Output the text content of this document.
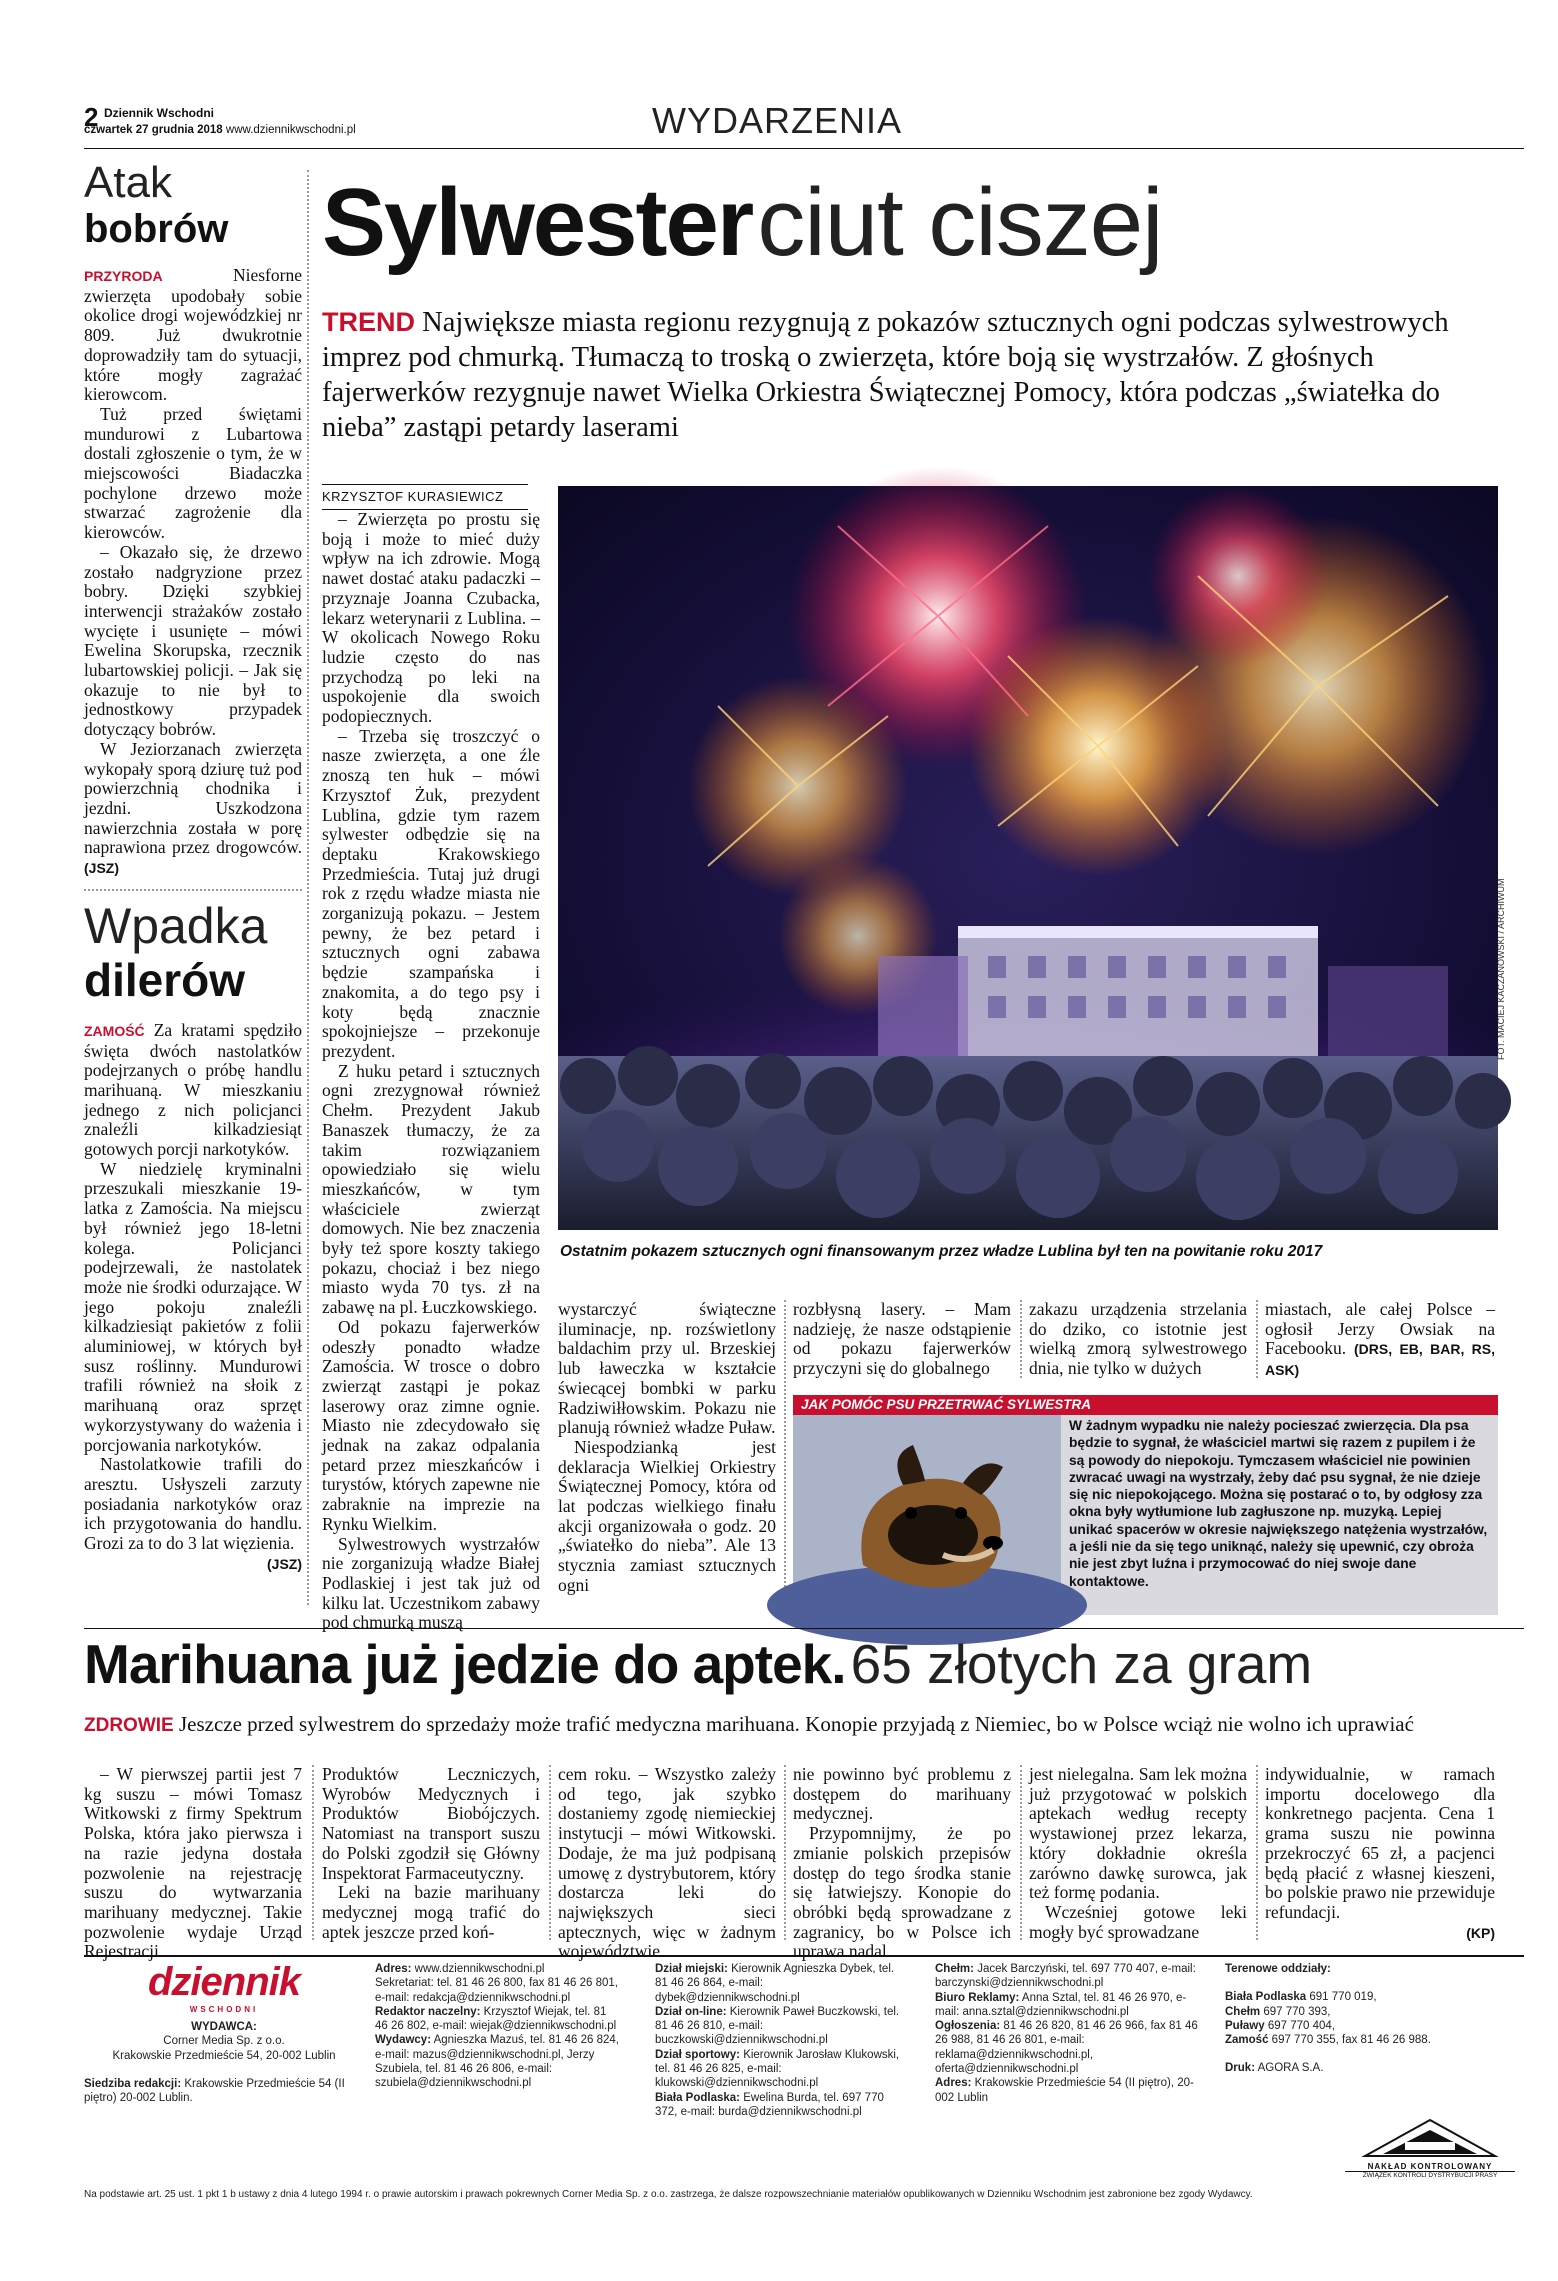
2 Dziennik Wschodni
czwartek 27 grudnia 2018 www.dziennikwschodni.pl	WYDARZENIA
Atak
bobrów

PRZYRODA	Niesforne zwierzęta upodobały sobie okolice drogi wojewódzkiej nr 809. Już dwukrotnie doprowadziły tam do sytuacji, które mogły zagrażać kierowcom.

Tuż przed świętami mundurowi z Lubartowa dostali zgłoszenie o tym, że w miejscowości Biadaczka pochylone drzewo może stwarzać zagrożenie dla kierowców.

– Okazało się, że drzewo zostało nadgryzione przez bobry. Dzięki szybkiej interwencji strażaków zostało wycięte i usunięte – mówi Ewelina Skorupska, rzecznik lubartowskiej policji. – Jak się okazuje to nie był to jednostkowy przypadek dotyczący bobrów.

W Jeziorzanach zwierzęta wykopały sporą dziurę tuż pod powierzchnią chodnika i jezdni. Uszkodzona nawierzchnia została w porę naprawiona przez drogowców. (JSZ)

Wpadka
dilerów

ZAMOŚĆ Za kratami spędziło święta dwóch nastolatków podejrzanych o próbę handlu marihuaną. W mieszkaniu jednego z nich policjanci znaleźli kilkadziesiąt gotowych porcji narkotyków.

W niedzielę kryminalni przeszukali mieszkanie 19-latka z Zamościa. Na miejscu był również jego 18-letni kolega. Policjanci podejrzewali, że nastolatek może nie środki odurzające. W jego pokoju znaleźli kilkadziesiąt pakietów z folii aluminiowej, w których był susz roślinny. Mundurowi trafili również na słoik z marihuaną oraz sprzęt wykorzystywany do ważenia i porcjowania narkotyków.

Nastolatkowie trafili do aresztu. Usłyszeli zarzuty posiadania narkotyków oraz ich przygotowania do handlu. Grozi za to do 3 lat więzienia.

(JSZ)

Sylwester ciut ciszej
TREND Największe miasta regionu rezygnują z pokazów sztucznych ogni podczas sylwestrowych imprez pod chmurką. Tłumaczą to troską o zwierzęta, które boją się wystrzałów. Z głośnych fajerwerków rezygnuje nawet Wielka Orkiestra Świątecznej Pomocy, która podczas „światełka do nieba” zastąpi petardy laserami
KRZYSZTOF KURASIEWICZ

– Zwierzęta po prostu się boją i może to mieć duży wpływ na ich zdrowie. Mogą nawet dostać ataku padaczki – przyznaje Joanna Czubacka, lekarz weterynarii z Lublina. – W okolicach Nowego Roku ludzie często do nas przychodzą po leki na uspokojenie dla swoich podopiecznych.

– Trzeba się troszczyć o nasze zwierzęta, a one źle znoszą ten huk – mówi Krzysztof Żuk, prezydent Lublina, gdzie tym razem sylwester odbędzie się na deptaku Krakowskiego Przedmieścia. Tutaj już drugi rok z rzędu władze miasta nie zorganizują pokazu. – Jestem pewny, że bez petard i sztucznych ogni zabawa będzie szampańska i znakomita, a do tego psy i koty będą znacznie spokojniejsze – przekonuje prezydent.

Z huku petard i sztucznych ogni zrezygnował również Chełm. Prezydent Jakub Banaszek tłumaczy, że za takim rozwiązaniem opowiedziało się wielu mieszkańców, w tym właściciele zwierząt domowych. Nie bez znaczenia były też spore koszty takiego pokazu, chociaż i bez niego miasto wyda 70 tys. zł na zabawę na pl. Łuczkowskiego.

Od pokazu fajerwerków odeszły ponadto władze Zamościa. W trosce o dobro zwierząt zastąpi je pokaz laserowy oraz zimne ognie. Miasto nie zdecydowało się jednak na zakaz odpalania petard przez mieszkańców i turystów, których zapewne nie zabraknie na imprezie na Rynku Wielkim.

Sylwestrowych wystrzałów nie zorganizują władze Białej Podlaskiej i jest tak już od kilku lat. Uczestnikom zabawy pod chmurką muszą

FOT. MACIEJ KACZANOWSKI / ARCHIWUM
Ostatnim pokazem sztucznych ogni finansowanym przez władze Lublina był ten na powitanie roku 2017

wystarczyć świąteczne iluminacje, np. rozświetlony baldachim przy ul. Brzeskiej lub ławeczka w kształcie świecącej bombki w parku Radziwiłłowskim. Pokazu nie planują również władze Puław.

Niespodzianką jest deklaracja Wielkiej Orkiestry Świątecznej Pomocy, która od lat podczas wielkiego finału akcji organizowała o godz. 20 „światełko do nieba”. Ale 13 stycznia zamiast sztucznych ogni

rozbłysną lasery. – Mam nadzieję, że nasze odstąpienie od pokazu fajerwerków przyczyni się do globalnego

zakazu urządzenia strzelania do dziko, co istotnie jest wielką zmorą sylwestrowego dnia, nie tylko w dużych

miastach, ale całej Polsce – ogłosił Jerzy Owsiak na Facebooku. (DRS, EB, BAR, RS, ASK)

JAK POMÓC PSU PRZETRWAĆ SYLWESTRA
W żadnym wypadku nie należy pocieszać zwierzęcia. Dla psa będzie to sygnał, że właściciel martwi się razem z pupilem i że są powody do niepokoju. Tymczasem właściciel nie powinien zwracać uwagi na wystrzały, żeby dać psu sygnał, że nie dzieje się nic niepokojącego. Można się postarać o to, by odgłosy zza okna były wytłumione lub zagłuszone np. muzyką. Lepiej unikać spacerów w okresie największego natężenia wystrzałów, a jeśli nie da się tego uniknąć, należy się upewnić, czy obroża nie jest zbyt luźna i przymocować do niej swoje dane kontaktowe.
Marihuana już jedzie do aptek. 65 złotych za gram
ZDROWIE Jeszcze przed sylwestrem do sprzedaży może trafić medyczna marihuana. Konopie przyjadą z Niemiec, bo w Polsce wciąż nie wolno ich uprawiać

– W pierwszej partii jest 7 kg suszu – mówi Tomasz Witkowski z firmy Spektrum Polska, która jako pierwsza i na razie jedyna dostała pozwolenie na rejestrację suszu do wytwarzania marihuany medycznej. Takie pozwolenie wydaje Urząd Rejestracji

Produktów Leczniczych, Wyrobów Medycznych i Produktów Biobójczych. Natomiast na transport suszu do Polski zgodził się Główny Inspektorat Farmaceutyczny.

Leki na bazie marihuany medycznej mogą trafić do aptek jeszcze przed koń-

cem roku. – Wszystko zależy od tego, jak szybko dostaniemy zgodę niemieckiej instytucji – mówi Witkowski. Dodaje, że ma już podpisaną umowę z dystrybutorem, który dostarcza leki do największych sieci aptecznych, więc w żadnym województwie

nie powinno być problemu z dostępem do marihuany medycznej.

Przypomnijmy, że po zmianie polskich przepisów dostęp do tego środka stanie się łatwiejszy. Konopie do obróbki będą sprowadzane z zagranicy, bo w Polsce ich uprawa nadal

jest nielegalna. Sam lek można już przygotować w polskich aptekach według recepty wystawionej przez lekarza, który dokładnie określa zarówno dawkę surowca, jak też formę podania.

Wcześniej gotowe leki mogły być sprowadzane

indywidualnie, w ramach importu docelowego dla konkretnego pacjenta. Cena 1 grama suszu nie powinna przekroczyć 65 zł, a pacjenci będą płacić z własnej kieszeni, bo polskie prawo nie przewiduje refundacji.

(KP)

dziennik
WSCHODNI
WYDAWCA:
Corner Media Sp. z o.o.
Krakowskie Przedmieście 54, 20-002 Lublin
Siedziba redakcji: Krakowskie Przedmieście 54 (II piętro) 20-002 Lublin.
Adres: www.dziennikwschodni.pl
Sekretariat: tel. 81 46 26 800, fax 81 46 26 801, e-mail: redakcja@dziennikwschodni.pl
Redaktor naczelny: Krzysztof Wiejak, tel. 81 46 26 802, e-mail: wiejak@dziennikwschodni.pl
Wydawcy: Agnieszka Mazuś, tel. 81 46 26 824, e-mail: mazus@dziennikwschodni.pl, Jerzy Szubiela, tel. 81 46 26 806, e-mail: szubiela@dziennikwschodni.pl
Dział miejski: Kierownik Agnieszka Dybek, tel. 81 46 26 864, e-mail: dybek@dziennikwschodni.pl
Dział on-line: Kierownik Paweł Buczkowski, tel. 81 46 26 810, e-mail: buczkowski@dziennikwschodni.pl
Dział sportowy: Kierownik Jarosław Klukowski, tel. 81 46 26 825, e-mail: klukowski@dziennikwschodni.pl
Biała Podlaska: Ewelina Burda, tel. 697 770 372, e-mail: burda@dziennikwschodni.pl
Chełm: Jacek Barczyński, tel. 697 770 407, e-mail: barczynski@dziennikwschodni.pl
Biuro Reklamy: Anna Sztal, tel. 81 46 26 970, e-mail: anna.sztal@dziennikwschodni.pl
Ogłoszenia: 81 46 26 820, 81 46 26 966, fax 81 46 26 988, 81 46 26 801, e-mail: reklama@dziennikwschodni.pl, oferta@dziennikwschodni.pl
Adres: Krakowskie Przedmieście 54 (II piętro), 20-002 Lublin
Terenowe oddziały:
Biała Podlaska 691 770 019,
Chełm 697 770 393,
Puławy 697 770 404,
Zamość 697 770 355, fax 81 46 26 988.
Druk: AGORA S.A.
NAKŁAD KONTROLOWANY
ZWIĄZEK KONTROLI DYSTRYBUCJI PRASY
Na podstawie art. 25 ust. 1 pkt 1 b ustawy z dnia 4 lutego 1994 r. o prawie autorskim i prawach pokrewnych Corner Media Sp. z o.o. zastrzega, że dalsze rozpowszechnianie materiałów opublikowanych w Dzienniku Wschodnim jest zabronione bez zgody Wydawcy.
